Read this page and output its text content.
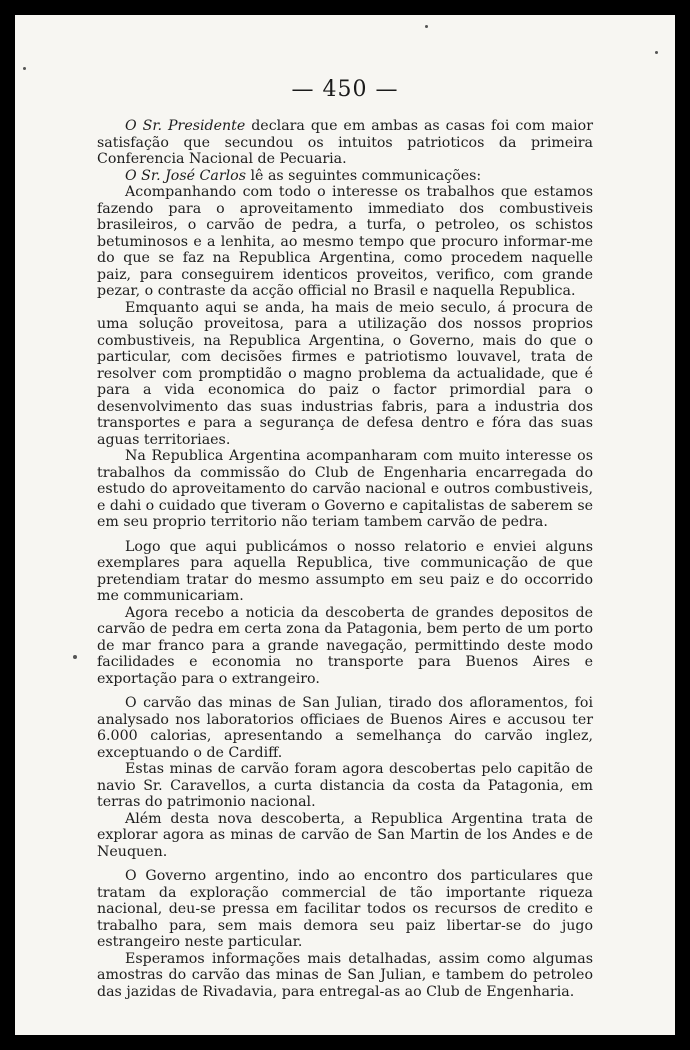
— 450 —

O Sr. Presidente declara que em ambas as casas foi com maior satisfação que secundou os intuitos patrioticos da primeira Conferencia Nacional de Pecuaria.

O Sr. José Carlos lê as seguintes communicações:

Acompanhando com todo o interesse os trabalhos que estamos fazendo para o aproveitamento immediato dos combustiveis brasileiros, o carvão de pedra, a turfa, o petroleo, os schistos betuminosos e a lenhita, ao mesmo tempo que procuro informar-me do que se faz na Republica Argentina, como procedem naquelle paiz, para conseguirem identicos proveitos, verifico, com grande pezar, o contraste da acção official no Brasil e naquella Republica.

Emquanto aqui se anda, ha mais de meio seculo, á procura de uma solução proveitosa, para a utilização dos nossos proprios combustiveis, na Republica Argentina, o Governo, mais do que o particular, com decisões firmes e patriotismo louvavel, trata de resolver com promptidão o magno problema da actualidade, que é para a vida economica do paiz o factor primordial para o desenvolvimento das suas industrias fabris, para a industria dos transportes e para a segurança de defesa dentro e fóra das suas aguas territoriaes.

Na Republica Argentina acompanharam com muito interesse os trabalhos da commissão do Club de Engenharia encarregada do estudo do aproveitamento do carvão nacional e outros combustiveis, e dahi o cuidado que tiveram o Governo e capitalistas de saberem se em seu proprio territorio não teriam tambem carvão de pedra.

Logo que aqui publicámos o nosso relatorio e enviei alguns exemplares para aquella Republica, tive communicação de que pretendiam tratar do mesmo assumpto em seu paiz e do occorrido me communicariam.

Agora recebo a noticia da descoberta de grandes depositos de carvão de pedra em certa zona da Patagonia, bem perto de um porto de mar franco para a grande navegação, permittindo deste modo facilidades e economia no transporte para Buenos Aires e exportação para o extrangeiro.

O carvão das minas de San Julian, tirado dos afloramentos, foi analysado nos laboratorios officiaes de Buenos Aires e accusou ter 6.000 calorias, apresentando a semelhança do carvão inglez, exceptuando o de Cardiff.

Estas minas de carvão foram agora descobertas pelo capitão de navio Sr. Caravellos, a curta distancia da costa da Patagonia, em terras do patrimonio nacional.

Além desta nova descoberta, a Republica Argentina trata de explorar agora as minas de carvão de San Martin de los Andes e de Neuquen.

O Governo argentino, indo ao encontro dos particulares que tratam da exploração commercial de tão importante riqueza nacional, deu-se pressa em facilitar todos os recursos de credito e trabalho para, sem mais demora seu paiz libertar-se do jugo estrangeiro neste particular.

Esperamos informações mais detalhadas, assim como algumas amostras do carvão das minas de San Julian, e tambem do petroleo das jazidas de Rivadavia, para entregal-as ao Club de Engenharia.
